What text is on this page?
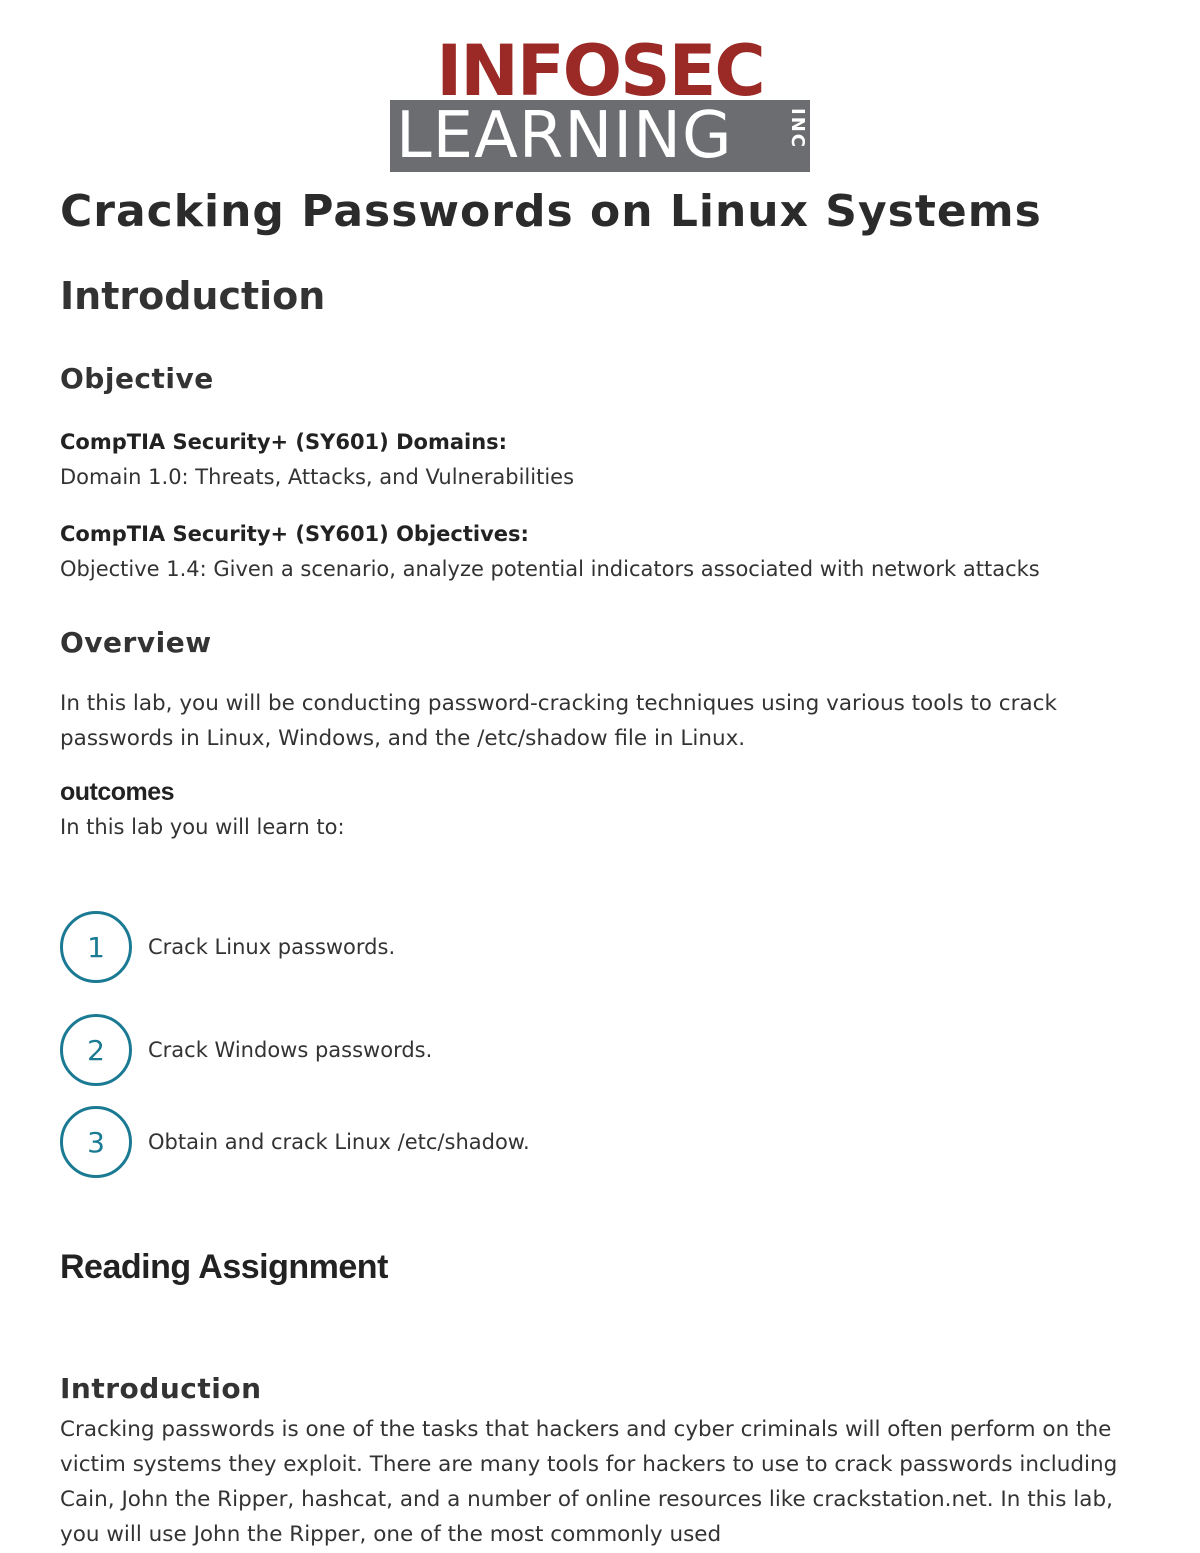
INFOSEC
LEARNING	INC
Cracking Passwords on Linux Systems
Introduction
Objective
CompTIA Security+ (SY601) Domains:
Domain 1.0: Threats, Attacks, and Vulnerabilities
CompTIA Security+ (SY601) Objectives:
Objective 1.4: Given a scenario, analyze potential indicators associated with network attacks
Overview
In this lab, you will be conducting password-cracking techniques using various tools to crack passwords in Linux, Windows, and the /etc/shadow file in Linux.
outcomes
In this lab you will learn to:
1	Crack Linux passwords.
2	Crack Windows passwords.
3	Obtain and crack Linux /etc/shadow.
Reading Assignment
Introduction
Cracking passwords is one of the tasks that hackers and cyber criminals will often perform on the victim systems they exploit. There are many tools for hackers to use to crack passwords including Cain, John the Ripper, hashcat, and a number of online resources like crackstation.net. In this lab, you will use John the Ripper, one of the most commonly used
